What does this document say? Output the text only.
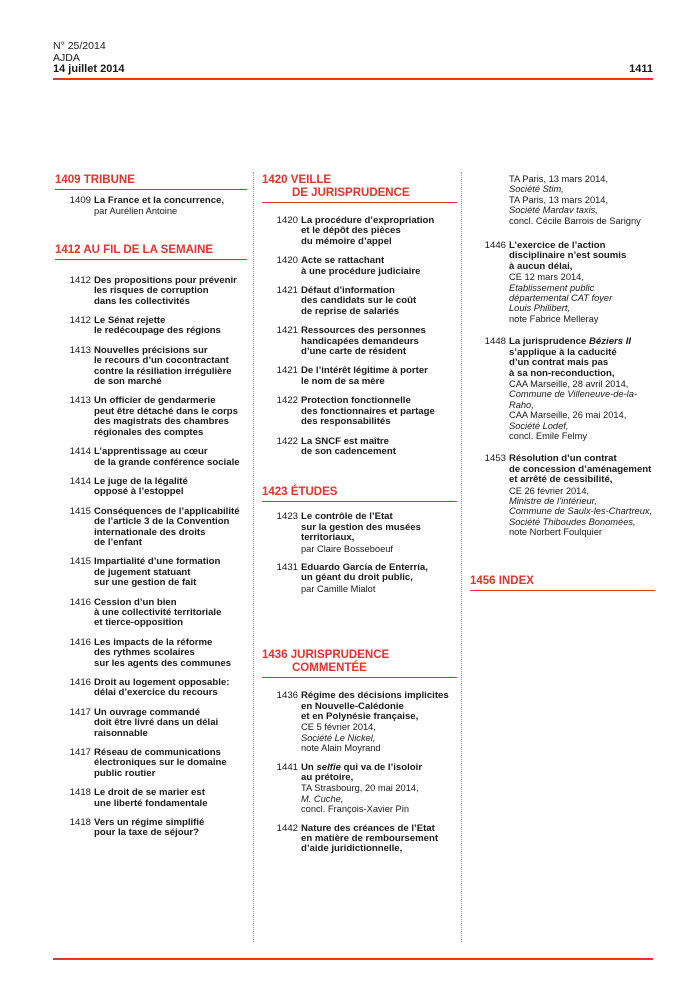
N° 25/2014
AJDA
14 juillet 2014	1411
1409 TRIBUNE
1409 La France et la concurrence,
par Aurélien Antoine
1412 AU FIL DE LA SEMAINE
1412 Des propositions pour prévenir
les risques de corruption
dans les collectivités
1412 Le Sénat rejette
le redécoupage des régions
1413 Nouvelles précisions sur
le recours d’un cocontractant
contre la résiliation irrégulière
de son marché
1413 Un officier de gendarmerie
peut être détaché dans le corps
des magistrats des chambres
régionales des comptes
1414 L’apprentissage au cœur
de la grande conférence sociale
1414 Le juge de la légalité
opposé à l’estoppel
1415 Conséquences de l’applicabilité
de l’article 3 de la Convention
internationale des droits
de l’enfant
1415 Impartialité d’une formation
de jugement statuant
sur une gestion de fait
1416 Cession d’un bien
à une collectivité territoriale
et tierce-opposition
1416 Les impacts de la réforme
des rythmes scolaires
sur les agents des communes
1416 Droit au logement opposable:
délai d’exercice du recours
1417 Un ouvrage commandé
doit être livré dans un délai
raisonnable
1417 Réseau de communications
électroniques sur le domaine
public routier
1418 Le droit de se marier est
une liberté fondamentale
1418 Vers un régime simplifié
pour la taxe de séjour?
1420 VEILLE
DE JURISPRUDENCE
1420 La procédure d’expropriation
et le dépôt des pièces
du mémoire d’appel
1420 Acte se rattachant
à une procédure judiciaire
1421 Défaut d’information
des candidats sur le coût
de reprise de salariés
1421 Ressources des personnes
handicapées demandeurs
d’une carte de résident
1421 De l’intérêt légitime à porter
le nom de sa mère
1422 Protection fonctionnelle
des fonctionnaires et partage
des responsabilités
1422 La SNCF est maître
de son cadencement
1423 ÉTUDES
1423 Le contrôle de l’Etat
sur la gestion des musées
territoriaux,
par Claire Bosseboeuf
1431 Eduardo García de Enterría,
un géant du droit public,
par Camille Mialot
1436 JURISPRUDENCE
COMMENTÉE
1436 Régime des décisions implicites
en Nouvelle-Calédonie
et en Polynésie française,
CE 5 février 2014,
Société Le Nickel,
note Alain Moyrand
1441 Un selfie qui va de l’isoloir
au prétoire,
TA Strasbourg, 20 mai 2014,
M. Cuche,
concl. François-Xavier Pin
1442 Nature des créances de l’Etat
en matière de remboursement
d’aide juridictionnelle,
TA Paris, 13 mars 2014,
Société Stim,
TA Paris, 13 mars 2014,
Société Mardav taxis,
concl. Cécile Barrois de Sarigny
1446 L’exercice de l’action
disciplinaire n’est soumis
à aucun délai,
CE 12 mars 2014,
Etablissement public
départemental CAT foyer
Louis Philibert,
note Fabrice Melleray
1448 La jurisprudence Béziers II
s’applique à la caducité
d’un contrat mais pas
à sa non-reconduction,
CAA Marseille, 28 avril 2014,
Commune de Villeneuve-de-la-Raho,
CAA Marseille, 26 mai 2014,
Société Lodef,
concl. Emile Felmy
1453 Résolution d’un contrat
de concession d’aménagement
et arrêté de cessibilité,
CE 26 février 2014,
Ministre de l’intérieur,
Commune de Saulx-les-Chartreux,
Société Thiboudes Bonomées,
note Norbert Foulquier
1456 INDEX
